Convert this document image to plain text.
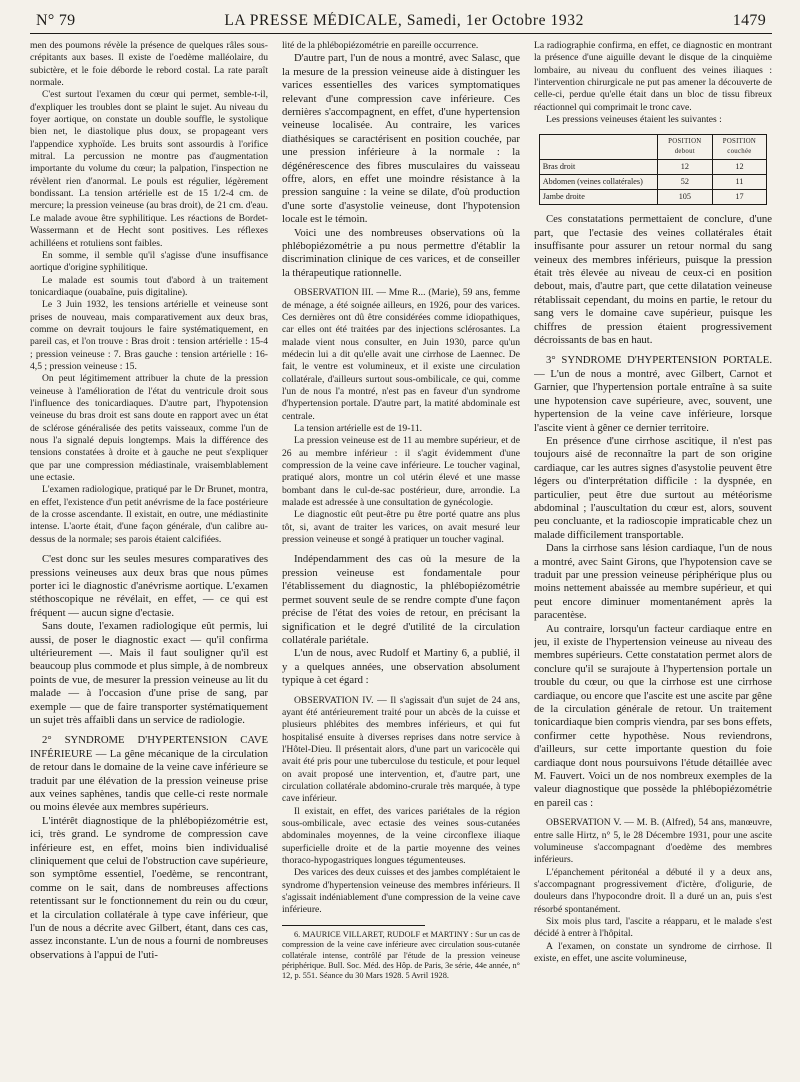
N° 79	LA PRESSE MÉDICALE, Samedi, 1er Octobre 1932	1479

men des poumons révèle la présence de quelques râles sous-crépitants aux bases. Il existe de l'oedème malléolaire, du subictère, et le foie déborde le rebord costal. La rate paraît normale.

C'est surtout l'examen du cœur qui permet, semble-t-il, d'expliquer les troubles dont se plaint le sujet. Au niveau du foyer aortique, on constate un double souffle, le systolique bien net, le diastolique plus doux, se propageant vers l'appendice xyphoïde. Les bruits sont assourdis à l'orifice mitral. La percussion ne montre pas d'augmentation importante du volume du cœur; la palpation, l'inspection ne révèlent rien d'anormal. Le pouls est régulier, légèrement bondissant. La tension artérielle est de 15 1/2-4 cm. de mercure; la pression veineuse (au bras droit), de 21 cm. d'eau. Le malade avoue être syphilitique. Les réactions de Bordet-Wassermann et de Hecht sont positives. Les réflexes achilléens et rotuliens sont faibles.

En somme, il semble qu'il s'agisse d'une insuffisance aortique d'origine syphilitique.

Le malade est soumis tout d'abord à un traitement tonicardiaque (ouabaïne, puis digitaline).

Le 3 Juin 1932, les tensions artérielle et veineuse sont prises de nouveau, mais comparativement aux deux bras, comme on devrait toujours le faire systématiquement, en pareil cas, et l'on trouve : Bras droit : tension artérielle : 15-4 ; pression veineuse : 7. Bras gauche : tension artérielle : 16-4,5 ; pression veineuse : 15.

On peut légitimement attribuer la chute de la pression veineuse à l'amélioration de l'état du ventricule droit sous l'influence des tonicardiaques. D'autre part, l'hypotension veineuse du bras droit est sans doute en rapport avec un état de sclérose généralisée des petits vaisseaux, comme l'un de nous l'a signalé depuis longtemps. Mais la différence des tensions constatées à droite et à gauche ne peut s'expliquer que par une compression médiastinale, vraisemblablement une ectasie.

L'examen radiologique, pratiqué par le Dr Brunet, montra, en effet, l'existence d'un petit anévrisme de la face postérieure de la crosse ascendante. Il existait, en outre, une médiastinite intense. L'aorte était, d'une façon générale, d'un calibre au-dessus de la normale; ses parois étaient calcifiées.

C'est donc sur les seules mesures comparatives des pressions veineuses aux deux bras que nous pûmes porter ici le diagnostic d'anévrisme aortique. L'examen stéthoscopique ne révélait, en effet, — ce qui est fréquent — aucun signe d'ectasie.

Sans doute, l'examen radiologique eût permis, lui aussi, de poser le diagnostic exact — qu'il confirma ultérieurement —. Mais il faut souligner qu'il est beaucoup plus commode et plus simple, à de nombreux points de vue, de mesurer la pression veineuse au lit du malade — à l'occasion d'une prise de sang, par exemple — que de faire transporter systématiquement un sujet très affaibli dans un service de radiologie.

2° SYNDROME D'HYPERTENSION CAVE INFÉRIEURE — La gêne mécanique de la circulation de retour dans le domaine de la veine cave inférieure se traduit par une élévation de la pression veineuse prise aux veines saphènes, tandis que celle-ci reste normale ou moins élevée aux membres supérieurs.

L'intérêt diagnostique de la phlébopiézométrie est, ici, très grand. Le syndrome de compression cave inférieure est, en effet, moins bien individualisé cliniquement que celui de l'obstruction cave supérieure, son symptôme essentiel, l'oedème, se rencontrant, comme on le sait, dans de nombreuses affections retentissant sur le fonctionnement du rein ou du cœur, et la circulation collatérale à type cave inférieur, que l'un de nous a décrite avec Gilbert, étant, dans ces cas, assez inconstante. L'un de nous a fourni de nombreuses observations à l'appui de l'uti-

lité de la phlébopiézométrie en pareille occurrence.

D'autre part, l'un de nous a montré, avec Salasc, que la mesure de la pression veineuse aide à distinguer les varices essentielles des varices symptomatiques relevant d'une compression cave inférieure. Ces dernières s'accompagnent, en effet, d'une hypertension veineuse localisée. Au contraire, les varices diathésiques se caractérisent en position couchée, par une pression inférieure à la normale : la dégénérescence des fibres musculaires du vaisseau offre, alors, en effet une moindre résistance à la pression sanguine : la veine se dilate, d'où production d'une sorte d'asystolie veineuse, dont l'hypotension locale est le témoin.

Voici une des nombreuses observations où la phlébopiézométrie a pu nous permettre d'établir la discrimination clinique de ces varices, et de conseiller la thérapeutique rationnelle.

OBSERVATION III. — Mme R... (Marie), 59 ans, femme de ménage, a été soignée ailleurs, en 1926, pour des varices. Ces dernières ont dû être considérées comme idiopathiques, car elles ont été traitées par des injections sclérosantes. La malade vient nous consulter, en Juin 1930, parce qu'un médecin lui a dit qu'elle avait une cirrhose de Laennec. De fait, le ventre est volumineux, et il existe une circulation collatérale, d'ailleurs surtout sous-ombilicale, ce qui, comme l'un de nous l'a montré, n'est pas en faveur d'un syndrome d'hypertension portale. D'autre part, la matité abdominale est centrale.

La tension artérielle est de 19-11.

La pression veineuse est de 11 au membre supérieur, et de 26 au membre inférieur : il s'agit évidemment d'une compression de la veine cave inférieure. Le toucher vaginal, pratiqué alors, montre un col utérin élevé et une masse bombant dans le cul-de-sac postérieur, dure, arrondie. La malade est adressée à une consultation de gynécologie.

Le diagnostic eût peut-être pu être porté quatre ans plus tôt, si, avant de traiter les varices, on avait mesuré leur pression veineuse et songé à pratiquer un toucher vaginal.

Indépendamment des cas où la mesure de la pression veineuse est fondamentale pour l'établissement du diagnostic, la phlébopiézométrie permet souvent seule de se rendre compte d'une façon précise de l'état des voies de retour, en précisant la signification et le degré d'utilité de la circulation collatérale pariétale.

L'un de nous, avec Rudolf et Martiny 6, a publié, il y a quelques années, une observation absolument typique à cet égard :

OBSERVATION IV. — Il s'agissait d'un sujet de 24 ans, ayant été antérieurement traité pour un abcès de la cuisse et plusieurs phlébites des membres inférieurs, et qui fut hospitalisé ensuite à diverses reprises dans notre service à l'Hôtel-Dieu. Il présentait alors, d'une part un varicocèle qui avait été pris pour une tuberculose du testicule, et pour lequel on avait proposé une intervention, et, d'autre part, une circulation collatérale abdomino-crurale très marquée, à type cave inférieur.

Il existait, en effet, des varices pariétales de la région sous-ombilicale, avec ectasie des veines sous-cutanées abdominales moyennes, de la veine circonflexe iliaque superficielle droite et de la partie moyenne des veines thoraco-hypogastriques longues tégumenteuses.

Des varices des deux cuisses et des jambes complétaient le syndrome d'hypertension veineuse des membres inférieurs. Il s'agissait indéniablement d'une compression de la veine cave inférieure.

6. MAURICE VILLARET, RUDOLF et MARTINY : Sur un cas de compression de la veine cave inférieure avec circulation sous-cutanée collatérale intense, contrôlé par l'étude de la pression veineuse périphérique. Bull. Soc. Méd. des Hôp. de Paris, 3e série, 44e année, n° 12, p. 551. Séance du 30 Mars 1928. 5 Avril 1928.

La radiographie confirma, en effet, ce diagnostic en montrant la présence d'une aiguille devant le disque de la cinquième lombaire, au niveau du confluent des veines iliaques : l'intervention chirurgicale ne put pas amener la découverte de celle-ci, perdue qu'elle était dans un bloc de tissu fibreux réactionnel qui comprimait le tronc cave.

Les pressions veineuses étaient les suivantes :

	POSITION debout	POSITION couchée
Bras droit	12	12
Abdomen (veines collatérales)	52	11
Jambe droite	105	17

Ces constatations permettaient de conclure, d'une part, que l'ectasie des veines collatérales était insuffisante pour assurer un retour normal du sang veineux des membres inférieurs, puisque la pression était très élevée au niveau de ceux-ci en position debout, mais, d'autre part, que cette dilatation veineuse rétablissait cependant, du moins en partie, le retour du sang vers le domaine cave supérieur, puisque les chiffres de pression étaient progressivement décroissants de bas en haut.

3° SYNDROME D'HYPERTENSION PORTALE. — L'un de nous a montré, avec Gilbert, Carnot et Garnier, que l'hypertension portale entraîne à sa suite une hypotension cave supérieure, avec, souvent, une hypertension de la veine cave inférieure, lorsque l'ascite vient à gêner ce dernier territoire.

En présence d'une cirrhose ascitique, il n'est pas toujours aisé de reconnaître la part de son origine cardiaque, car les autres signes d'asystolie peuvent être légers ou d'interprétation difficile : la dyspnée, en particulier, peut être due surtout au météorisme abdominal ; l'auscultation du cœur est, alors, souvent peu concluante, et la radioscopie impraticable chez un malade difficilement transportable.

Dans la cirrhose sans lésion cardiaque, l'un de nous a montré, avec Saint Girons, que l'hypotension cave se traduit par une pression veineuse périphérique plus ou moins nettement abaissée au membre supérieur, et qui peut encore diminuer momentanément après la paracentèse.

Au contraire, lorsqu'un facteur cardiaque entre en jeu, il existe de l'hypertension veineuse au niveau des membres supérieurs. Cette constatation permet alors de conclure qu'il se surajoute à l'hypertension portale un trouble du cœur, ou que la cirrhose est une cirrhose cardiaque, ou encore que l'ascite est une ascite par gêne de la circulation générale de retour. Un traitement tonicardiaque bien compris viendra, par ses bons effets, confirmer cette hypothèse. Nous reviendrons, d'ailleurs, sur cette importante question du foie cardiaque dont nous poursuivons l'étude détaillée avec M. Fauvert. Voici un de nos nombreux exemples de la valeur diagnostique que possède la phlébopiézométrie en pareil cas :

OBSERVATION V. — M. B. (Alfred), 54 ans, manœuvre, entre salle Hirtz, n° 5, le 28 Décembre 1931, pour une ascite volumineuse s'accompagnant d'oedème des membres inférieurs.

L'épanchement péritonéal a débuté il y a deux ans, s'accompagnant progressivement d'ictère, d'oligurie, de douleurs dans l'hypocondre droit. Il a duré un an, puis s'est résorbé spontanément.

Six mois plus tard, l'ascite a réapparu, et le malade s'est décidé à entrer à l'hôpital.

A l'examen, on constate un syndrome de cirrhose. Il existe, en effet, une ascite volumineuse,
